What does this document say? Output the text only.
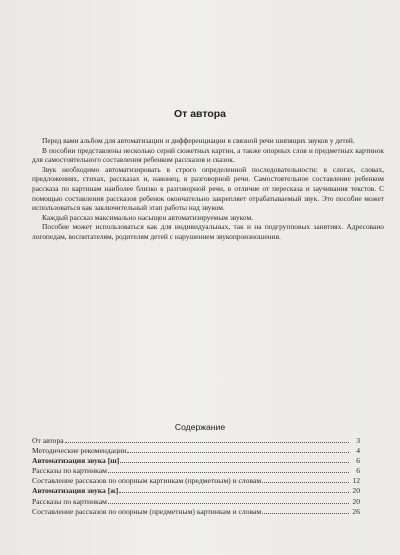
От автора

Перед вами альбом для автоматизации и дифференциации в связной речи шипящих звуков у детей.

В пособии представлены несколько серий сюжетных картин, а также опорных слов и предметных картинок для самостоятельного составления ребенком рассказов и сказок.

Звук необходимо автоматизировать в строго определенной последовательности: в слогах, словах, предложениях, стихах, рассказах и, наконец, в разговорной речи. Самостоятельное составление ребенком рассказа по картинам наиболее близко к разговорной речи, в отличие от пересказа и заучивания текстов. С помощью составления рассказов ребенок окончательно закрепляет отрабатываемый звук. Это пособие может использоваться как заключительный этап работы над звуком.

Каждый рассказ максимально насыщен автоматизируемым звуком.

Пособие может использоваться как для индивидуальных, так и на подгрупповых занятиях. Адресовано логопедам, воспитателям, родителям детей с нарушением звукопроизношения.

Содержание
От автора	3
Методические рекомендации	4
Автоматизация звука [ш]	6
Рассказы по картинкам	6
Составление рассказов по опорным картинкам (предметным) и словам	12
Автоматизация звука [ж]	20
Рассказы по картинкам	20
Составление рассказов по опорным (предметным) картинкам и словам	26
